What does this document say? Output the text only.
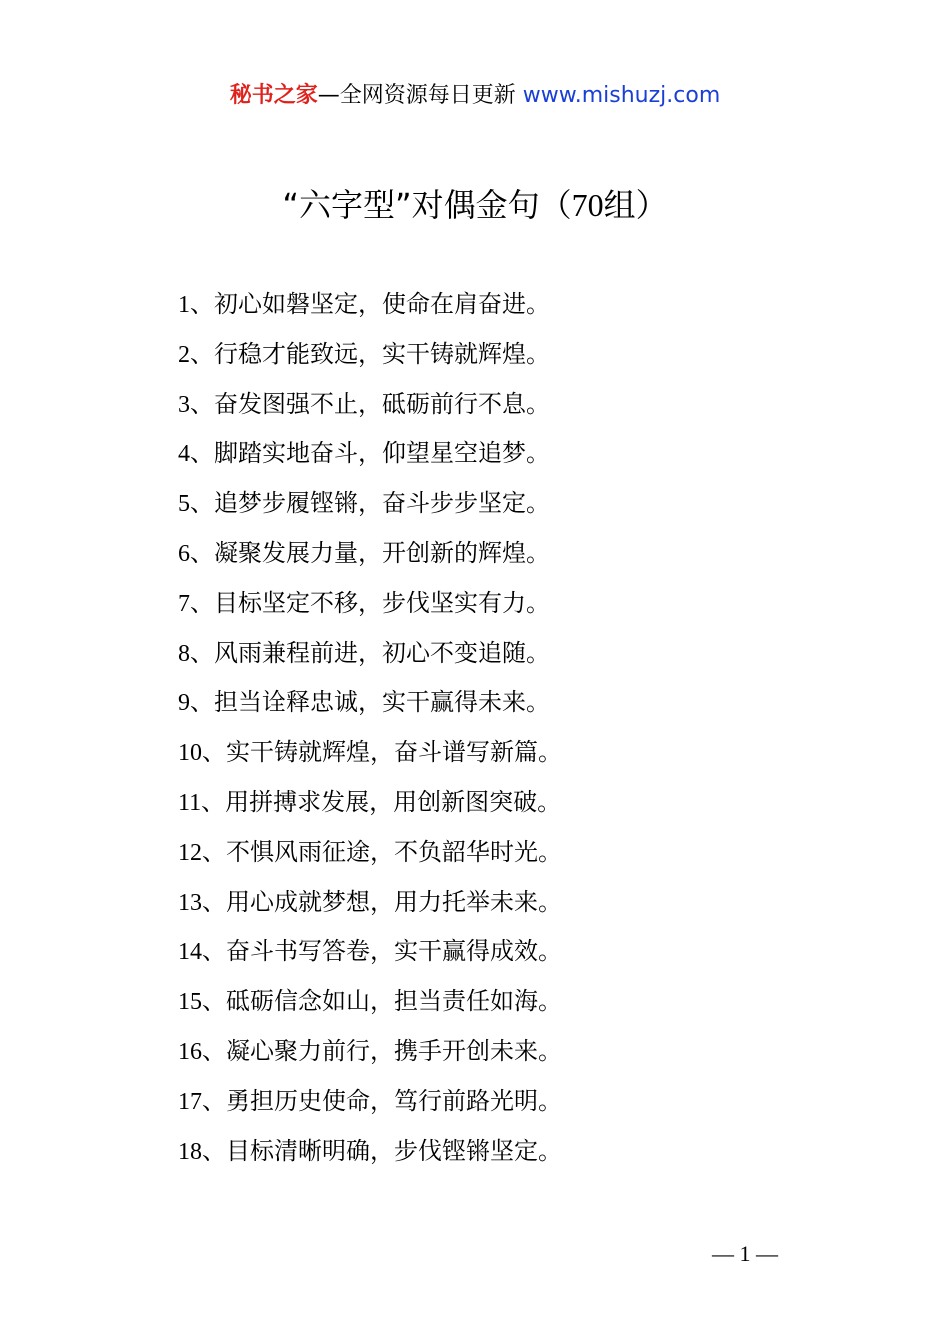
秘书之家—全网资源每日更新 www.mishuzj.com
“六字型”对偶金句（70组）
1、初心如磐坚定，使命在肩奋进。
2、行稳才能致远，实干铸就辉煌。
3、奋发图强不止，砥砺前行不息。
4、脚踏实地奋斗，仰望星空追梦。
5、追梦步履铿锵，奋斗步步坚定。
6、凝聚发展力量，开创新的辉煌。
7、目标坚定不移，步伐坚实有力。
8、风雨兼程前进，初心不变追随。
9、担当诠释忠诚，实干赢得未来。
10、实干铸就辉煌，奋斗谱写新篇。
11、用拼搏求发展，用创新图突破。
12、不惧风雨征途，不负韶华时光。
13、用心成就梦想，用力托举未来。
14、奋斗书写答卷，实干赢得成效。
15、砥砺信念如山，担当责任如海。
16、凝心聚力前行，携手开创未来。
17、勇担历史使命，笃行前路光明。
18、目标清晰明确，步伐铿锵坚定。
— 1 —
